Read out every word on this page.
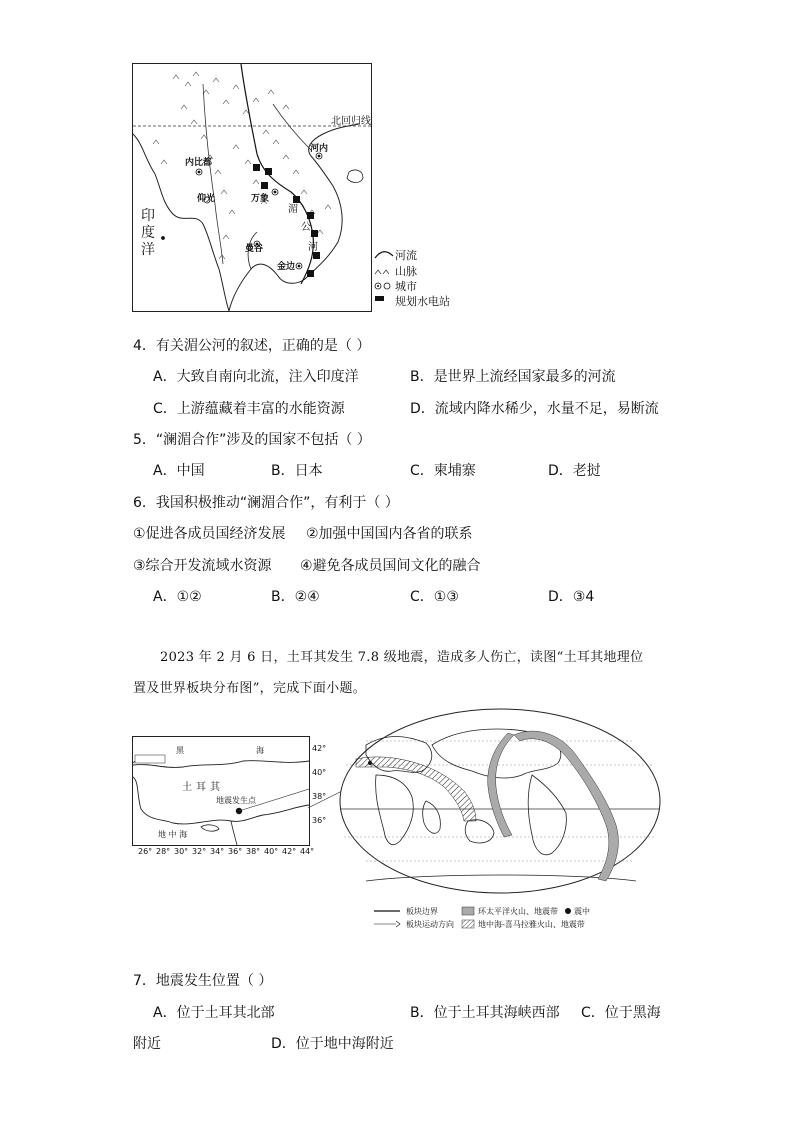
北回归线
内比都
仰光
河内
万象
曼谷
金边
湄
公
河
印度洋	河流
山脉
城市
规划水电站
4．有关湄公河的叙述，正确的是（ ）
A．大致自南向北流，注入印度洋	B．是世界上流经国家最多的河流
C．上游蕴藏着丰富的水能资源	D．流域内降水稀少，水量不足，易断流
5．“澜湄合作”涉及的国家不包括（ ）
A．中国	B．日本	C．柬埔寨	D．老挝
6．我国积极推动“澜湄合作”，有利于（ ）
①促进各成员国经济发展 ②加强中国国内各省的联系
③综合开发流域水资源 ④避免各成员国间文化的融合
A．①②	B．②④	C．①③	D．③4
2023 年 2 月 6 日，土耳其发生 7.8 级地震，造成多人伤亡，读图“土耳其地理位
置及世界板块分布图”，完成下面小题。
黑	海
土 耳 其
地震发生点
地 中 海
42°
40°
38°
36°
26° 28° 30° 32° 34° 36° 38° 40° 42° 44°
板块边界
板块运动方向
环太平洋火山、地震带
地中海-喜马拉雅火山、地震带
震中
7．地震发生位置（ ）
A．位于土耳其北部	B．位于土耳其海峡西部 C．位于黑海
附近	D．位于地中海附近
